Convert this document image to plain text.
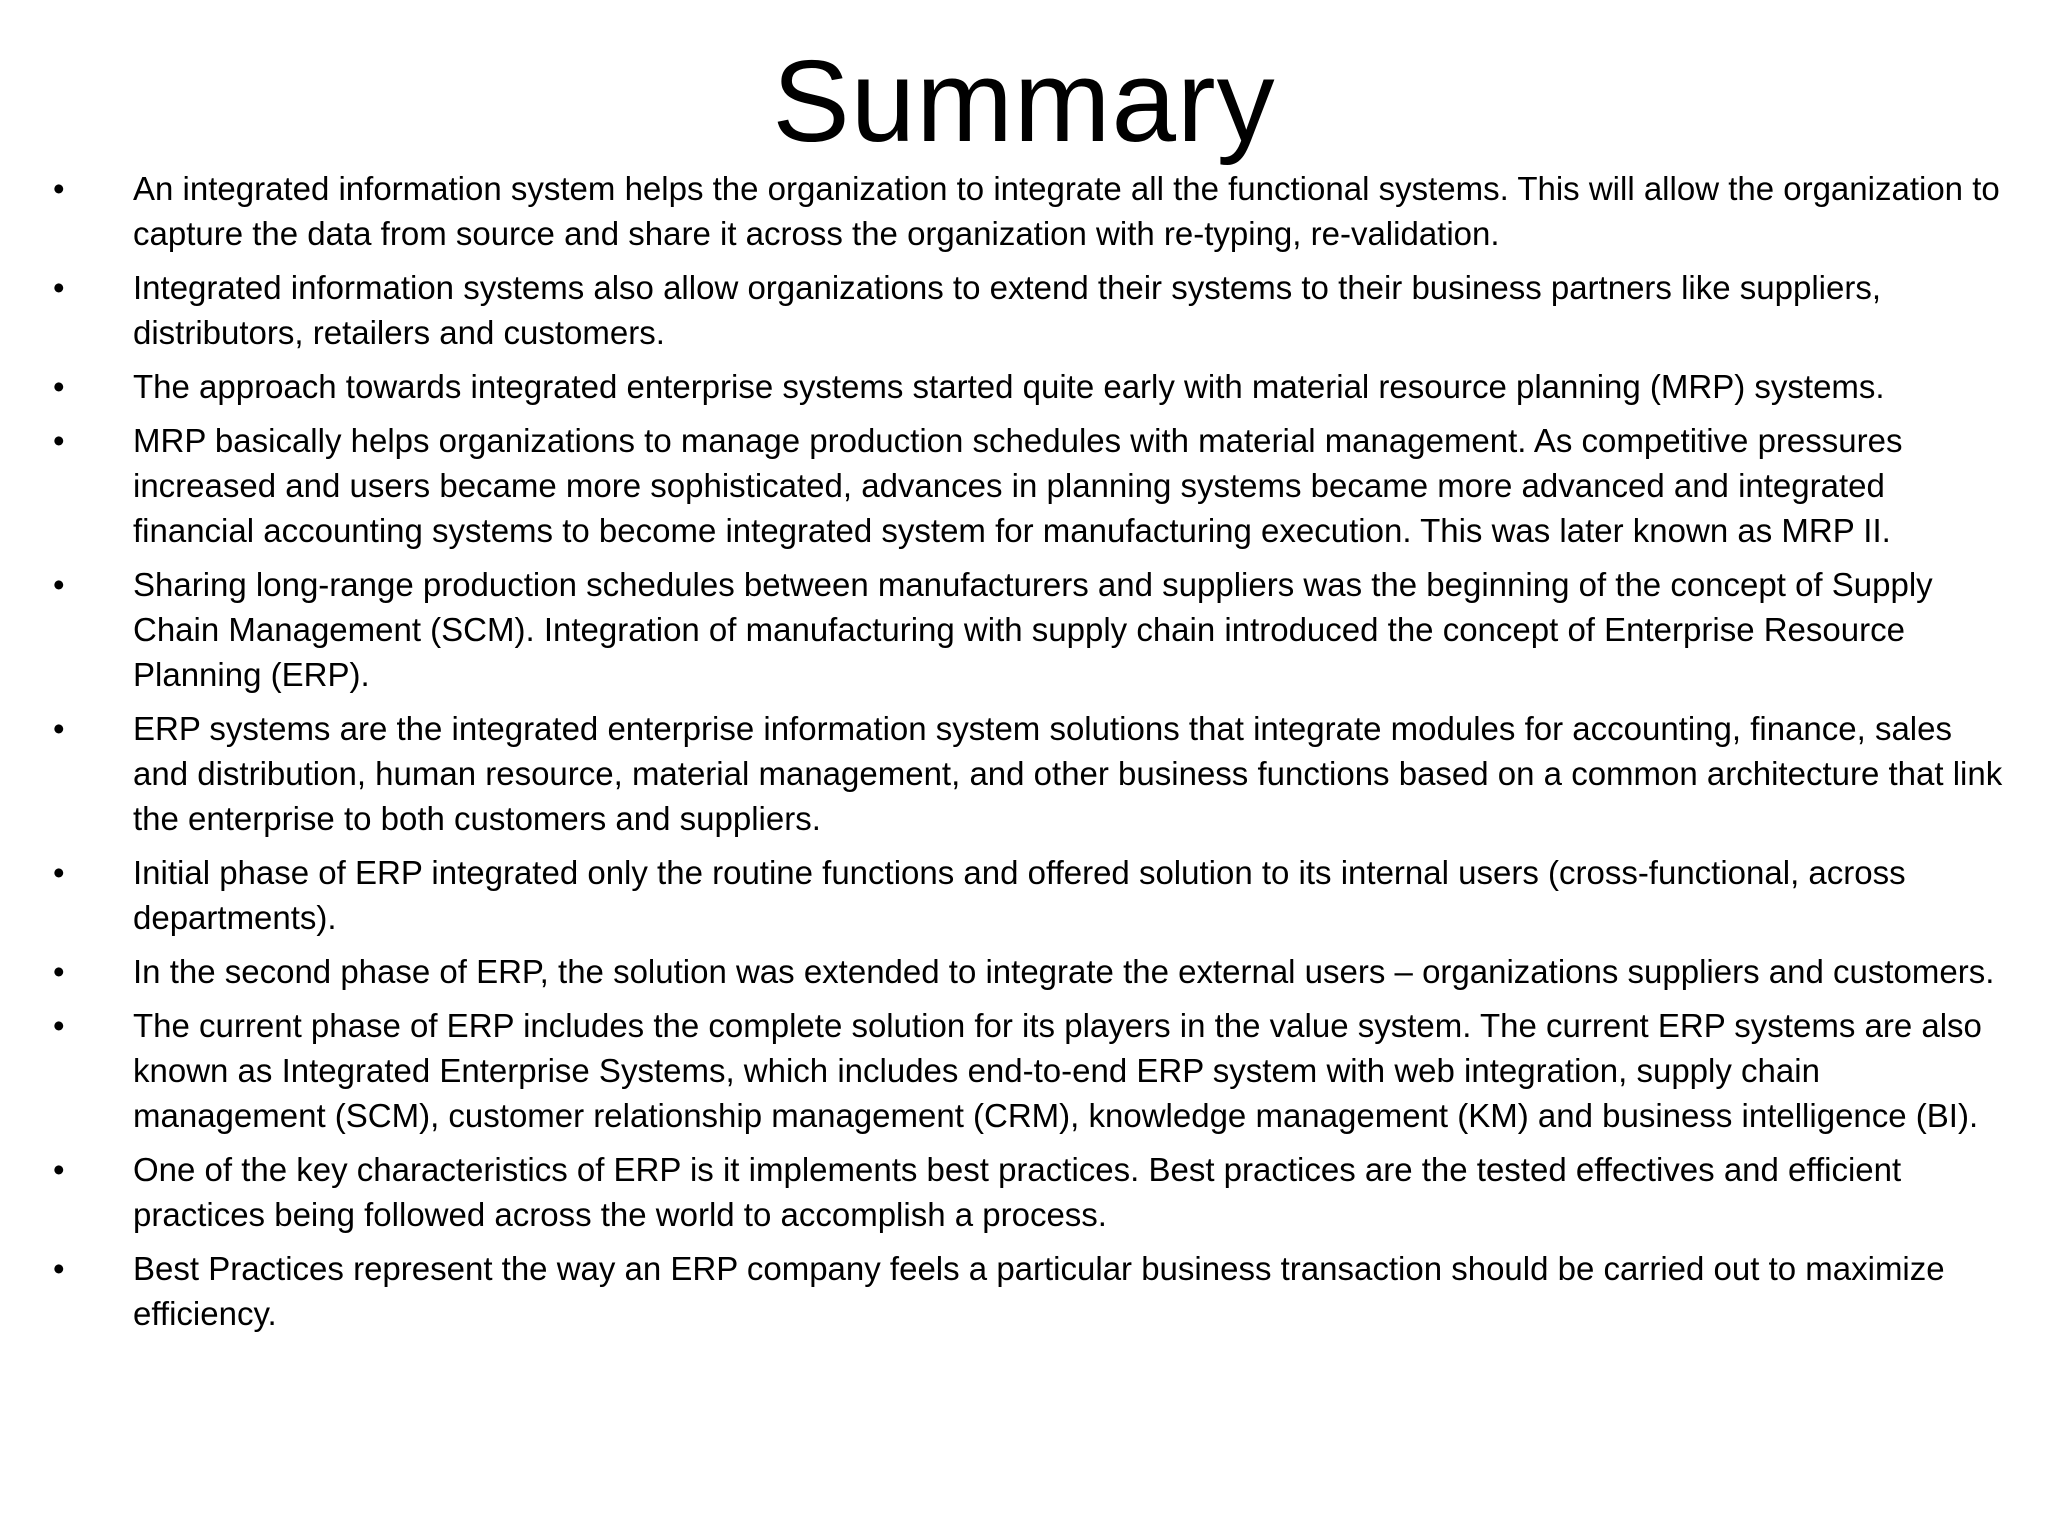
Summary
• An integrated information system helps the organization to integrate all the functional systems. This will allow the organization to capture the data from source and share it across the organization with re-typing, re-validation.
• Integrated information systems also allow organizations to extend their systems to their business partners like suppliers, distributors, retailers and customers.
• The approach towards integrated enterprise systems started quite early with material resource planning (MRP) systems.
• MRP basically helps organizations to manage production schedules with material management. As competitive pressures increased and users became more sophisticated, advances in planning systems became more advanced and integrated financial accounting systems to become integrated system for manufacturing execution. This was later known as MRP II.
• Sharing long-range production schedules between manufacturers and suppliers was the beginning of the concept of Supply Chain Management (SCM). Integration of manufacturing with supply chain introduced the concept of Enterprise Resource Planning (ERP).
• ERP systems are the integrated enterprise information system solutions that integrate modules for accounting, finance, sales and distribution, human resource, material management, and other business functions based on a common architecture that link the enterprise to both customers and suppliers.
• Initial phase of ERP integrated only the routine functions and offered solution to its internal users (cross-functional, across departments).
• In the second phase of ERP, the solution was extended to integrate the external users – organizations suppliers and customers.
• The current phase of ERP includes the complete solution for its players in the value system. The current ERP systems are also known as Integrated Enterprise Systems, which includes end-to-end ERP system with web integration, supply chain management (SCM), customer relationship management (CRM), knowledge management (KM) and business intelligence (BI).
• One of the key characteristics of ERP is it implements best practices. Best practices are the tested effectives and efficient practices being followed across the world to accomplish a process.
• Best Practices represent the way an ERP company feels a particular business transaction should be carried out to maximize efficiency.
